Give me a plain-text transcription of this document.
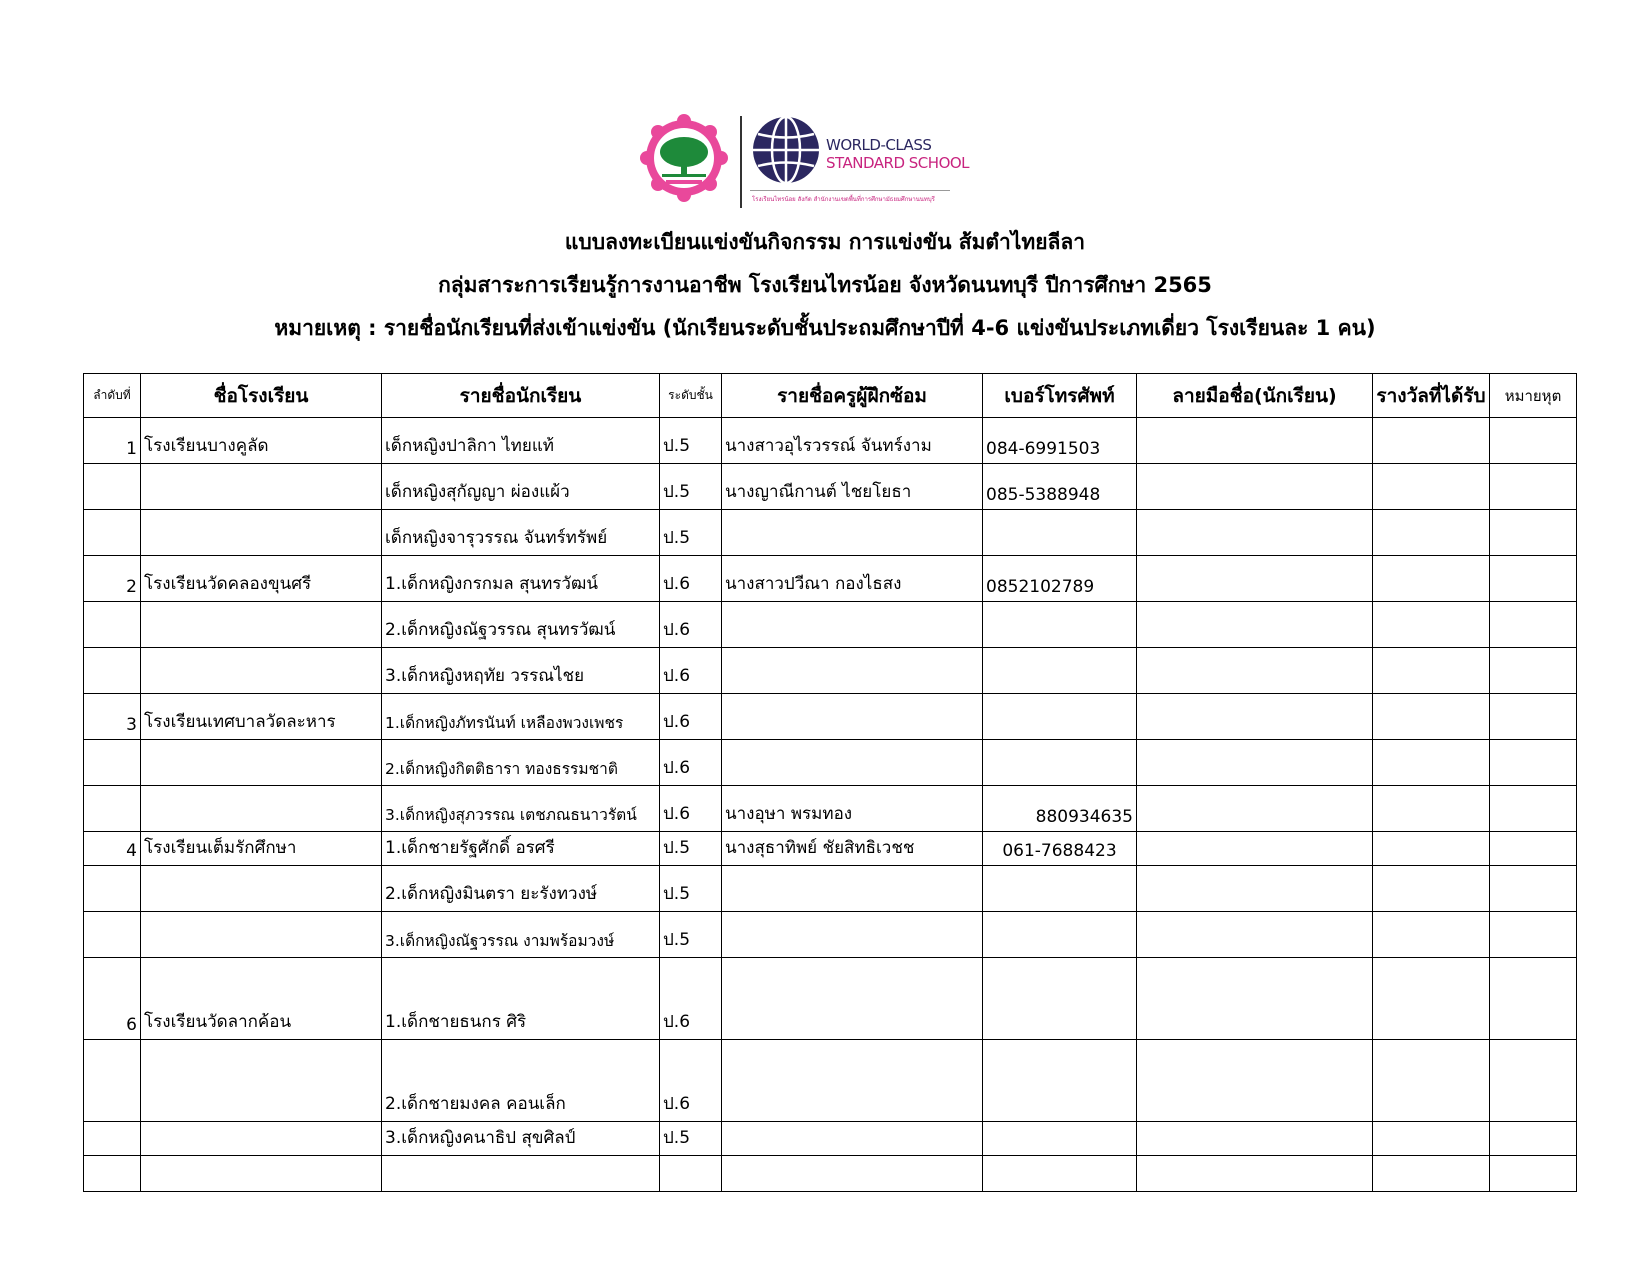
WORLD-CLASS
STANDARD SCHOOL
โรงเรียนไทรน้อย สังกัด สำนักงานเขตพื้นที่การศึกษามัธยมศึกษานนทบุรี
แบบลงทะเบียนแข่งขันกิจกรรม การแข่งขัน ส้มตำไทยลีลา
กลุ่มสาระการเรียนรู้การงานอาชีพ โรงเรียนไทรน้อย จังหวัดนนทบุรี ปีการศึกษา 2565
หมายเหตุ : รายชื่อนักเรียนที่ส่งเข้าแข่งขัน (นักเรียนระดับชั้นประถมศึกษาปีที่ 4-6 แข่งขันประเภทเดี่ยว โรงเรียนละ 1 คน)
ลำดับที่	ชื่อโรงเรียน	รายชื่อนักเรียน	ระดับชั้น	รายชื่อครูผู้ฝึกซ้อม	เบอร์โทรศัพท์	ลายมือชื่อ(นักเรียน)	รางวัลที่ได้รับ	หมายหุต
1	โรงเรียนบางคูลัด	เด็กหญิงปาลิกา ไทยแท้	ป.5	นางสาวอุไรวรรณ์ จันทร์งาม	084-6991503			
		เด็กหญิงสุกัญญา ผ่องแผ้ว	ป.5	นางญาณีกานต์ ไชยโยธา	085-5388948			
		เด็กหญิงจารุวรรณ จันทร์ทรัพย์	ป.5					
2	โรงเรียนวัดคลองขุนศรี	1.เด็กหญิงกรกมล สุนทรวัฒน์	ป.6	นางสาวปวีณา กองไธสง	0852102789			
		2.เด็กหญิงณัฐวรรณ สุนทรวัฒน์	ป.6					
		3.เด็กหญิงหฤทัย วรรณไชย	ป.6					
3	โรงเรียนเทศบาลวัดละหาร	1.เด็กหญิงภัทรนันท์ เหลืองพวงเพชร	ป.6					
		2.เด็กหญิงกิตติธารา ทองธรรมชาติ	ป.6					
		3.เด็กหญิงสุภวรรณ เตชภณธนาวรัตน์	ป.6	นางอุษา พรมทอง	880934635			
4	โรงเรียนเต็มรักศึกษา	1.เด็กชายรัฐศักดิ์ อรศรี	ป.5	นางสุธาทิพย์ ชัยสิทธิเวชช	061-7688423			
		2.เด็กหญิงมินตรา ยะรังทวงษ์	ป.5					
		3.เด็กหญิงณัฐวรรณ งามพร้อมวงษ์	ป.5					
6	โรงเรียนวัดลากค้อน	1.เด็กชายธนกร ศิริ	ป.6					
		2.เด็กชายมงคล คอนเล็ก	ป.6					
		3.เด็กหญิงคนาธิป สุขศิลป์	ป.5					
